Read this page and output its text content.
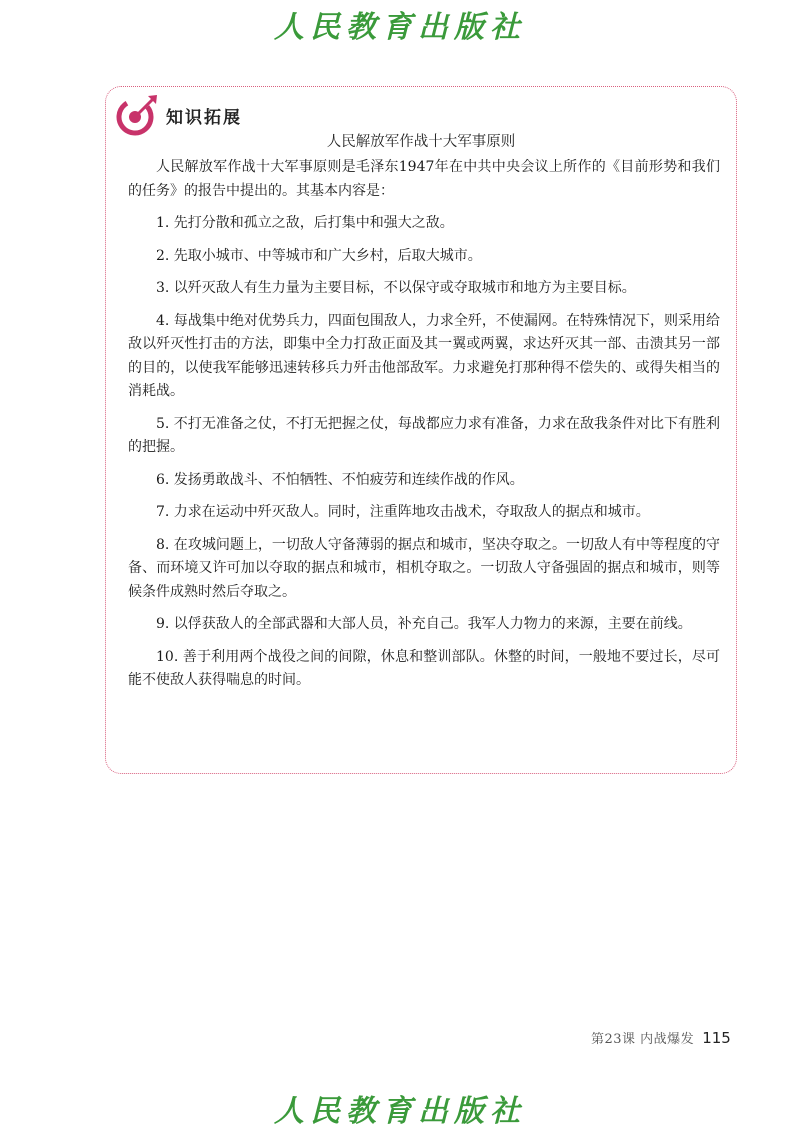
人民教育出版社
知识拓展
人民解放军作战十大军事原则

人民解放军作战十大军事原则是毛泽东1947年在中共中央会议上所作的《目前形势和我们的任务》的报告中提出的。其基本内容是：

1. 先打分散和孤立之敌，后打集中和强大之敌。

2. 先取小城市、中等城市和广大乡村，后取大城市。

3. 以歼灭敌人有生力量为主要目标，不以保守或夺取城市和地方为主要目标。

4. 每战集中绝对优势兵力，四面包围敌人，力求全歼，不使漏网。在特殊情况下，则采用给敌以歼灭性打击的方法，即集中全力打敌正面及其一翼或两翼，求达歼灭其一部、击溃其另一部的目的，以使我军能够迅速转移兵力歼击他部敌军。力求避免打那种得不偿失的、或得失相当的消耗战。

5. 不打无准备之仗，不打无把握之仗，每战都应力求有准备，力求在敌我条件对比下有胜利的把握。

6. 发扬勇敢战斗、不怕牺牲、不怕疲劳和连续作战的作风。

7. 力求在运动中歼灭敌人。同时，注重阵地攻击战术，夺取敌人的据点和城市。

8. 在攻城问题上，一切敌人守备薄弱的据点和城市，坚决夺取之。一切敌人有中等程度的守备、而环境又许可加以夺取的据点和城市，相机夺取之。一切敌人守备强固的据点和城市，则等候条件成熟时然后夺取之。

9. 以俘获敌人的全部武器和大部人员，补充自己。我军人力物力的来源，主要在前线。

10. 善于利用两个战役之间的间隙，休息和整训部队。休整的时间，一般地不要过长，尽可能不使敌人获得喘息的时间。

第23课 内战爆发 115
人民教育出版社
